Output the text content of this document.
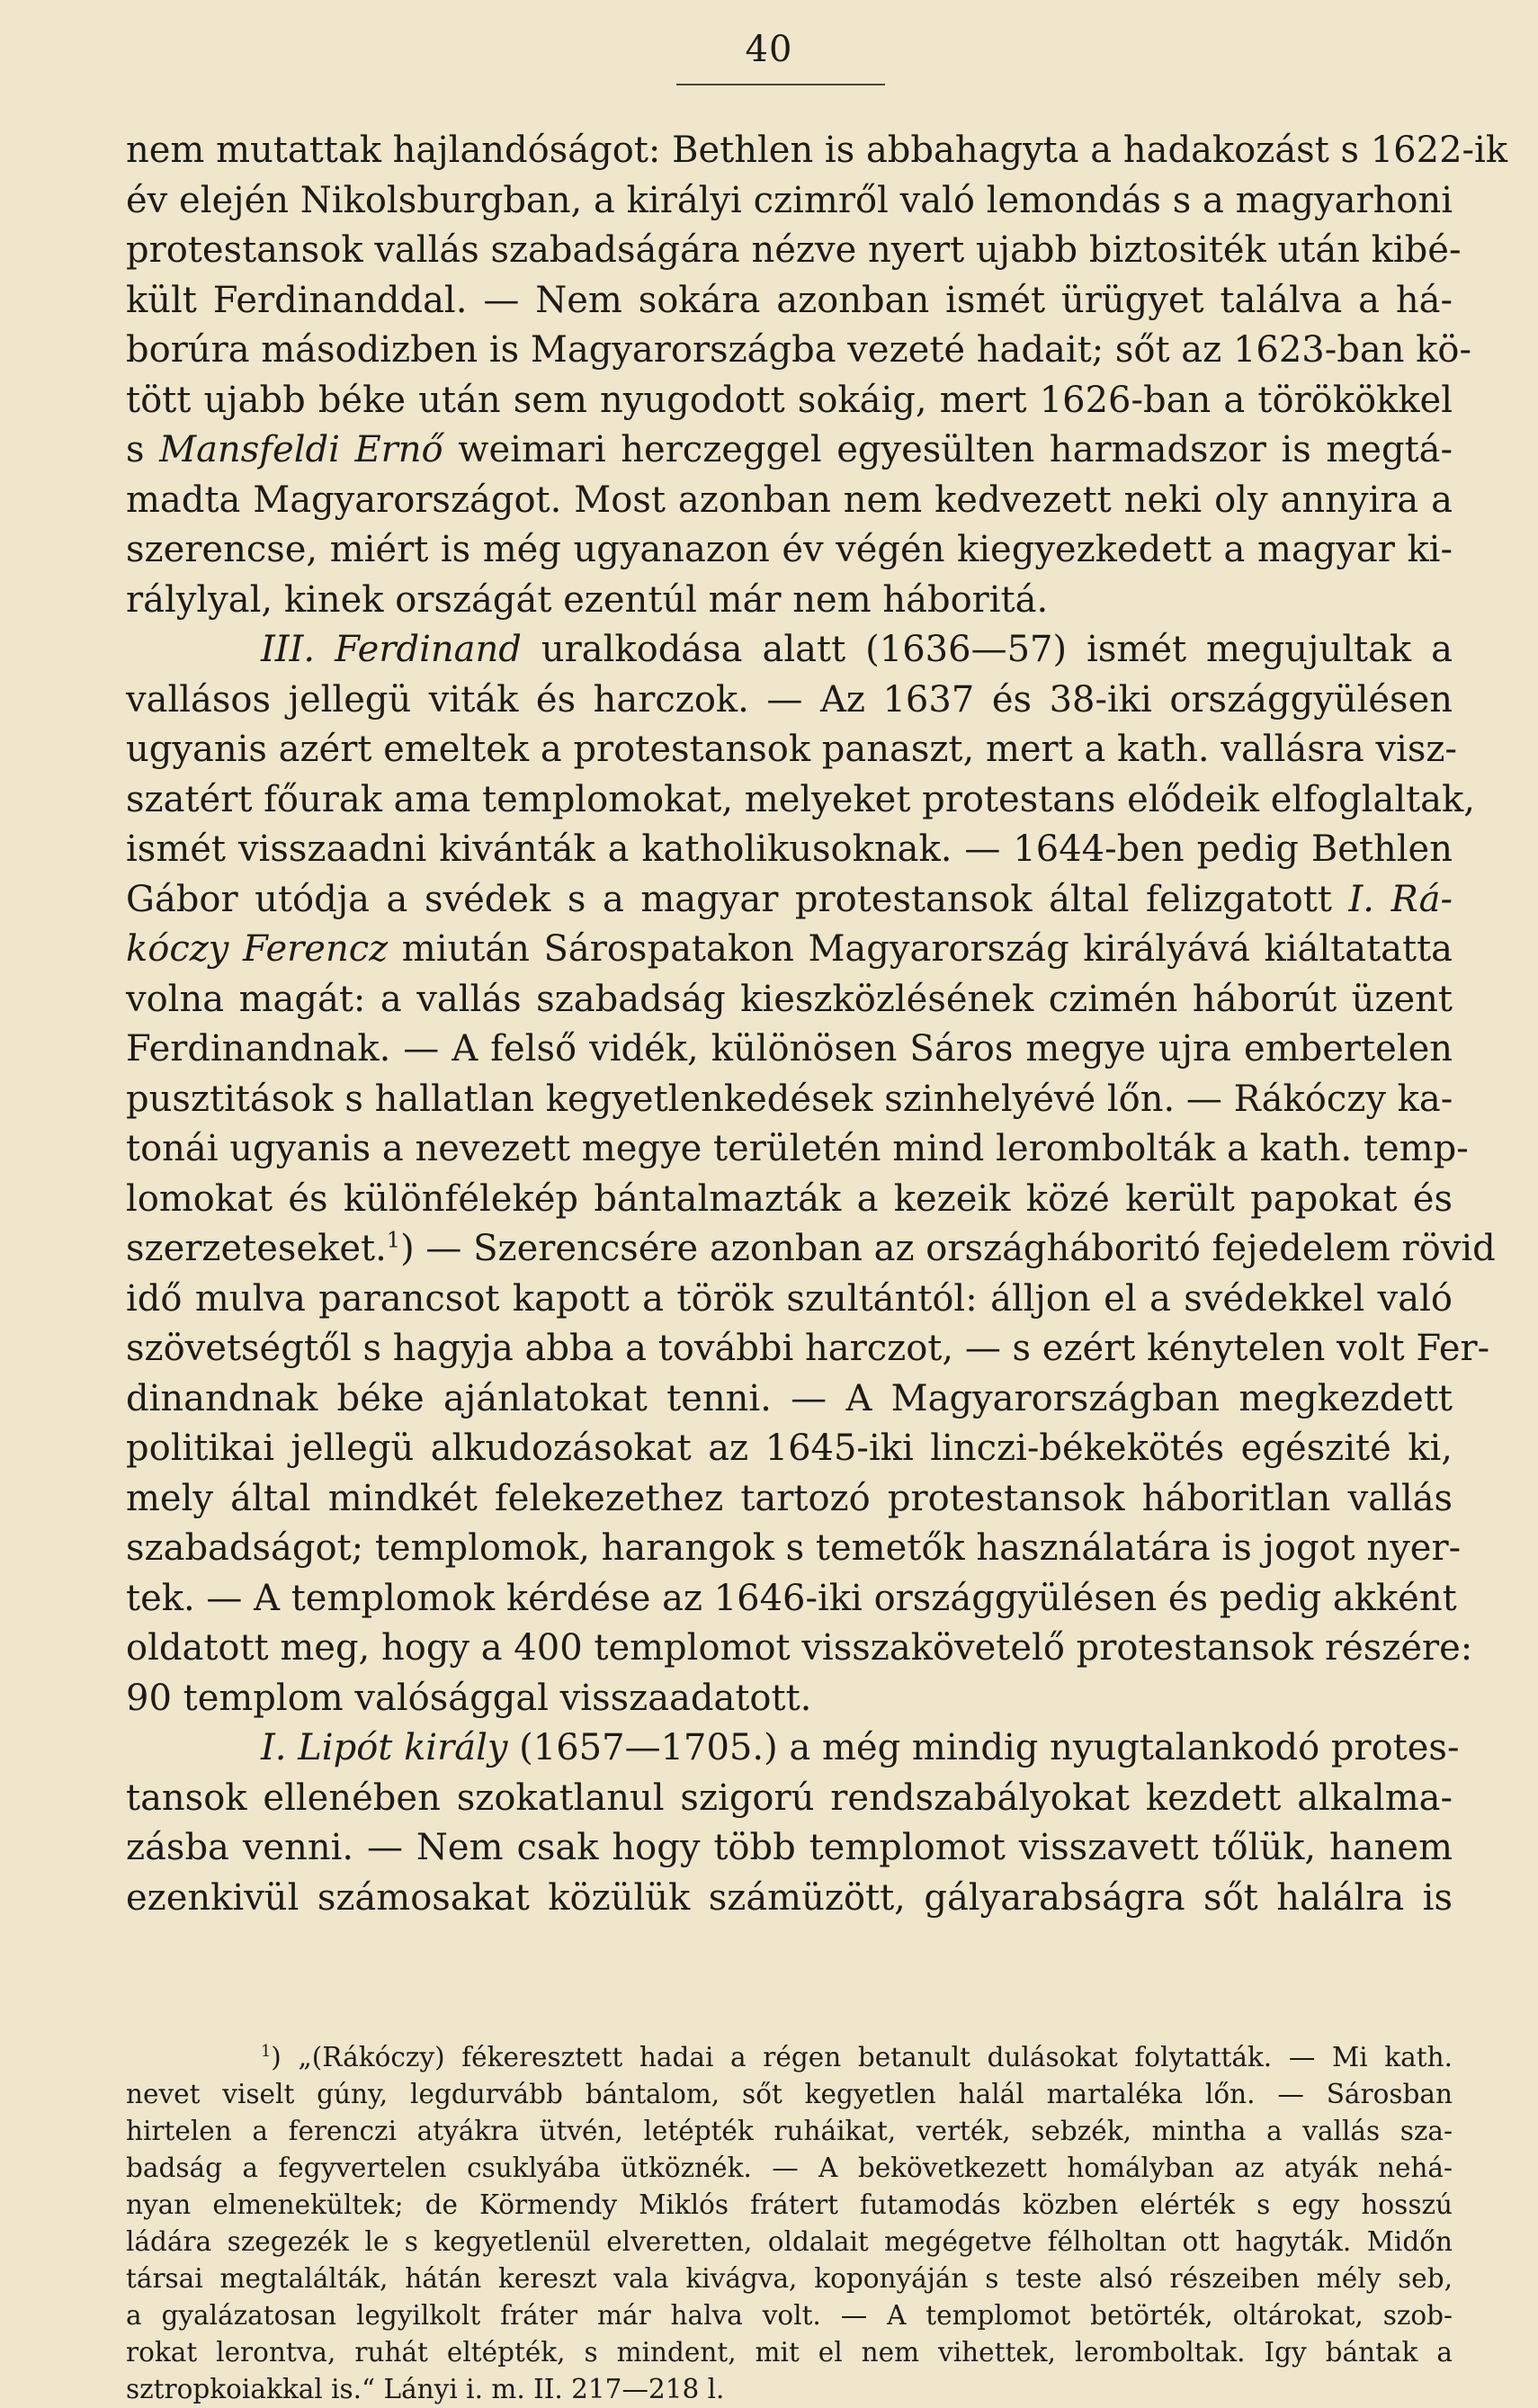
40
nem mutattak hajlandóságot: Bethlen is abbahagyta a hadakozást s 1622-ik
év elején Nikolsburgban, a királyi czimről való lemondás s a magyarhoni
protestansok vallás szabadságára nézve nyert ujabb biztositék után kibé-
kült Ferdinanddal. — Nem sokára azonban ismét ürügyet találva a há-
borúra másodizben is Magyarországba vezeté hadait; sőt az 1623-ban kö-
tött ujabb béke után sem nyugodott sokáig, mert 1626-ban a törökökkel
s Mansfeldi Ernő weimari herczeggel egyesülten harmadszor is megtá-
madta Magyarországot. Most azonban nem kedvezett neki oly annyira a
szerencse, miért is még ugyanazon év végén kiegyezkedett a magyar ki-
rálylyal, kinek országát ezentúl már nem háboritá.
III. Ferdinand uralkodása alatt (1636—57) ismét megujultak a
vallásos jellegü viták és harczok. — Az 1637 és 38-iki országgyülésen
ugyanis azért emeltek a protestansok panaszt, mert a kath. vallásra visz-
szatért főurak ama templomokat, melyeket protestans elődeik elfoglaltak,
ismét visszaadni kivánták a katholikusoknak. — 1644-ben pedig Bethlen
Gábor utódja a svédek s a magyar protestansok által felizgatott I. Rá-
kóczy Ferencz miután Sárospatakon Magyarország királyává kiáltatatta
volna magát: a vallás szabadság kieszközlésének czimén háborút üzent
Ferdinandnak. — A felső vidék, különösen Sáros megye ujra embertelen
pusztitások s hallatlan kegyetlenkedések szinhelyévé lőn. — Rákóczy ka-
tonái ugyanis a nevezett megye területén mind lerombolták a kath. temp-
lomokat és különfélekép bántalmazták a kezeik közé került papokat és
szerzeteseket.$^1$) — Szerencsére azonban az országháboritó fejedelem rövid
idő mulva parancsot kapott a török szultántól: álljon el a svédekkel való
szövetségtől s hagyja abba a további harczot, — s ezért kénytelen volt Fer-
dinandnak béke ajánlatokat tenni. — A Magyarországban megkezdett
politikai jellegü alkudozásokat az 1645-iki linczi-békekötés egészité ki,
mely által mindkét felekezethez tartozó protestansok háboritlan vallás
szabadságot; templomok, harangok s temetők használatára is jogot nyer-
tek. — A templomok kérdése az 1646-iki országgyülésen és pedig akként
oldatott meg, hogy a 400 templomot visszakövetelő protestansok részére:
90 templom valósággal visszaadatott.
I. Lipót király (1657—1705.) a még mindig nyugtalankodó protes-
tansok ellenében szokatlanul szigorú rendszabályokat kezdett alkalma-
zásba venni. — Nem csak hogy több templomot visszavett tőlük, hanem
ezenkivül számosakat közülük számüzött, gályarabságra sőt halálra is
$^1$) „(Rákóczy) fékeresztett hadai a régen betanult dulásokat folytatták. — Mi kath.
nevet viselt gúny, legdurvább bántalom, sőt kegyetlen halál martaléka lőn. — Sárosban
hirtelen a ferenczi atyákra ütvén, letépték ruháikat, verték, sebzék, mintha a vallás sza-
badság a fegyvertelen csuklyába ütköznék. — A bekövetkezett homályban az atyák nehá-
nyan elmenekültek; de Körmendy Miklós frátert futamodás közben elérték s egy hosszú
ládára szegezék le s kegyetlenül elveretten, oldalait megégetve félholtan ott hagyták. Midőn
társai megtalálták, hátán kereszt vala kivágva, koponyáján s teste alsó részeiben mély seb,
a gyalázatosan legyilkolt fráter már halva volt. — A templomot betörték, oltárokat, szob-
rokat lerontva, ruhát eltépték, s mindent, mit el nem vihettek, leromboltak. Igy bántak a
sztropkoiakkal is.“ Lányi i. m. II. 217—218 l.
